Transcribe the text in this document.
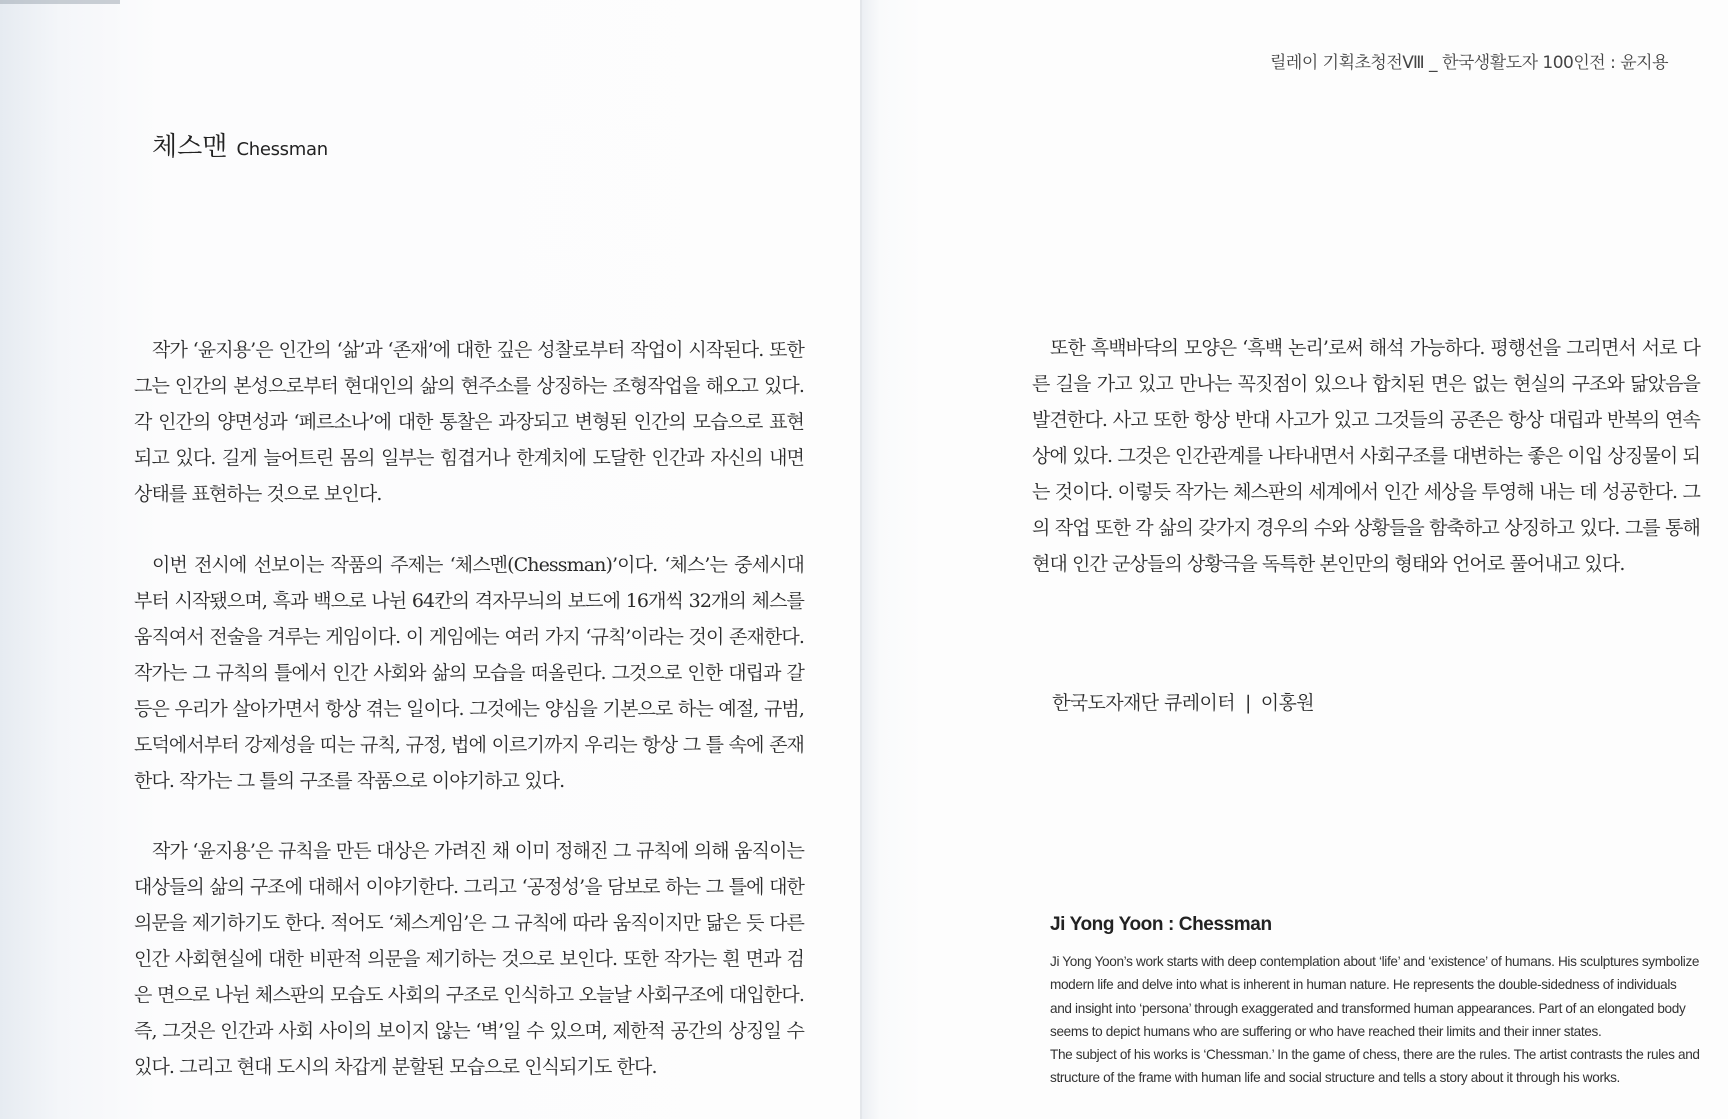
릴레이 기획초청전Ⅷ _ 한국생활도자 100인전 : 윤지용
체스맨 Chessman
작가 ‘윤지용’은 인간의 ‘삶’과 ‘존재’에 대한 깊은 성찰로부터 작업이 시작된다. 또한 그는 인간의 본성으로부터 현대인의 삶의 현주소를 상징하는 조형작업을 해오고 있다. 각 인간의 양면성과 ‘페르소나’에 대한 통찰은 과장되고 변형된 인간의 모습으로 표현되고 있다. 길게 늘어트린 몸의 일부는 힘겹거나 한계치에 도달한 인간과 자신의 내면상태를 표현하는 것으로 보인다.
이번 전시에 선보이는 작품의 주제는 ‘체스멘(Chessman)’이다. ‘체스’는 중세시대부터 시작됐으며, 흑과 백으로 나뉜 64칸의 격자무늬의 보드에 16개씩 32개의 체스를 움직여서 전술을 겨루는 게임이다. 이 게임에는 여러 가지 ‘규칙’이라는 것이 존재한다. 작가는 그 규칙의 틀에서 인간 사회와 삶의 모습을 떠올린다. 그것으로 인한 대립과 갈등은 우리가 살아가면서 항상 겪는 일이다. 그것에는 양심을 기본으로 하는 예절, 규범, 도덕에서부터 강제성을 띠는 규칙, 규정, 법에 이르기까지 우리는 항상 그 틀 속에 존재한다. 작가는 그 틀의 구조를 작품으로 이야기하고 있다.
작가 ‘윤지용’은 규칙을 만든 대상은 가려진 채 이미 정해진 그 규칙에 의해 움직이는 대상들의 삶의 구조에 대해서 이야기한다. 그리고 ‘공정성’을 담보로 하는 그 틀에 대한 의문을 제기하기도 한다. 적어도 ‘체스게임’은 그 규칙에 따라 움직이지만 닮은 듯 다른 인간 사회현실에 대한 비판적 의문을 제기하는 것으로 보인다. 또한 작가는 흰 면과 검은 면으로 나뉜 체스판의 모습도 사회의 구조로 인식하고 오늘날 사회구조에 대입한다. 즉, 그것은 인간과 사회 사이의 보이지 않는 ‘벽’일 수 있으며, 제한적 공간의 상징일 수 있다. 그리고 현대 도시의 차갑게 분할된 모습으로 인식되기도 한다.
또한 흑백바닥의 모양은 ‘흑백 논리’로써 해석 가능하다. 평행선을 그리면서 서로 다른 길을 가고 있고 만나는 꼭짓점이 있으나 합치된 면은 없는 현실의 구조와 닮았음을 발견한다. 사고 또한 항상 반대 사고가 있고 그것들의 공존은 항상 대립과 반복의 연속상에 있다. 그것은 인간관계를 나타내면서 사회구조를 대변하는 좋은 이입 상징물이 되는 것이다. 이렇듯 작가는 체스판의 세계에서 인간 세상을 투영해 내는 데 성공한다. 그의 작업 또한 각 삶의 갖가지 경우의 수와 상황들을 함축하고 상징하고 있다. 그를 통해 현대 인간 군상들의 상황극을 독특한 본인만의 형태와 언어로 풀어내고 있다.
한국도자재단 큐레이터 | 이홍원
Ji Yong Yoon : Chessman

Ji Yong Yoon’s work starts with deep contemplation about ‘life’ and ‘existence’ of humans. His sculptures symbolize modern life and delve into what is inherent in human nature. He represents the double-sidedness of individuals and insight into ‘persona’ through exaggerated and transformed human appearances. Part of an elongated body seems to depict humans who are suffering or who have reached their limits and their inner states.

The subject of his works is ‘Chessman.’ In the game of chess, there are the rules. The artist contrasts the rules and structure of the frame with human life and social structure and tells a story about it through his works.
